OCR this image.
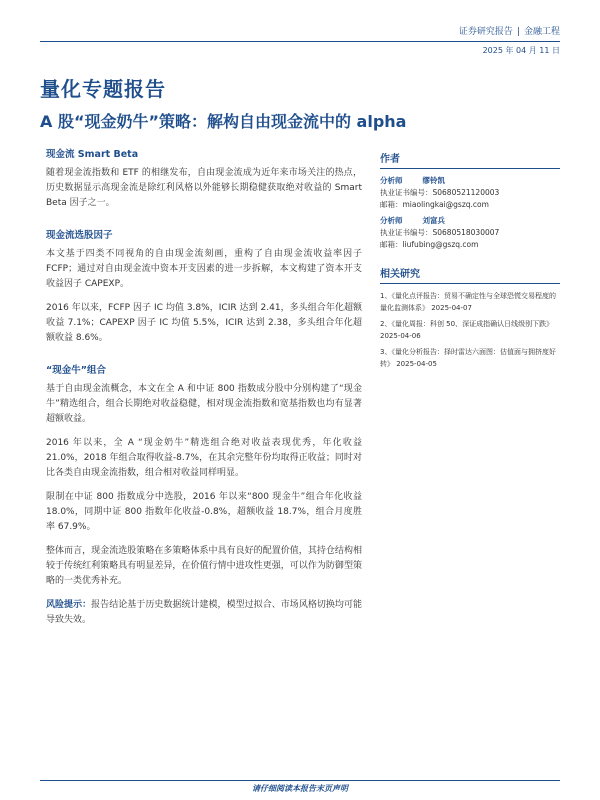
证券研究报告 | 金融工程
2025 年 04 月 11 日
量化专题报告
A 股“现金奶牛”策略：解构自由现金流中的 alpha
现金流 Smart Beta

随着现金流指数和 ETF 的相继发布，自由现金流成为近年来市场关注的热点，历史数据显示高现金流是除红利风格以外能够长期稳健获取绝对收益的 Smart Beta 因子之一。

现金流选股因子

本文基于四类不同视角的自由现金流刻画，重构了自由现金流收益率因子 FCFP；通过对自由现金流中资本开支因素的进一步拆解，本文构建了资本开支收益因子 CAPEXP。

2016 年以来，FCFP 因子 IC 均值 3.8%，ICIR 达到 2.41，多头组合年化超额收益 7.1%；CAPEXP 因子 IC 均值 5.5%，ICIR 达到 2.38，多头组合年化超额收益 8.6%。

“现金牛”组合

基于自由现金流概念，本文在全 A 和中证 800 指数成分股中分别构建了“现金牛”精选组合，组合长期绝对收益稳健，相对现金流指数和宽基指数也均有显著超额收益。

2016 年以来，全 A “现金奶牛”精选组合绝对收益表现优秀，年化收益 21.0%，2018 年组合取得收益-8.7%，在其余完整年份均取得正收益；同时对比各类自由现金流指数，组合相对收益同样明显。

限制在中证 800 指数成分中选股，2016 年以来“800 现金牛”组合年化收益 18.0%，同期中证 800 指数年化收益-0.8%，超额收益 18.7%，组合月度胜率 67.9%。

整体而言，现金流选股策略在多策略体系中具有良好的配置价值，其持仓结构相较于传统红利策略具有明显差异，在价值行情中进攻性更强，可以作为防御型策略的一类优秀补充。

风险提示：报告结论基于历史数据统计建模，模型过拟合、市场风格切换均可能导致失效。

作者
分析师	缪铃凯
执业证书编号：S0680521120003
邮箱：miaolingkai@gszq.com
分析师	刘富兵
执业证书编号：S0680518030007
邮箱：liufubing@gszq.com
相关研究
1、《量化点评报告：贸易不确定性与全球恐慌交易程度的量化监测体系》 2025-04-07
2、《量化周报：科创 50、深证成指确认日线级别下跌》 2025-04-06
3、《量化分析报告：择时雷达六面图：估值面与拥挤度好转》 2025-04-05
请仔细阅读本报告末页声明
